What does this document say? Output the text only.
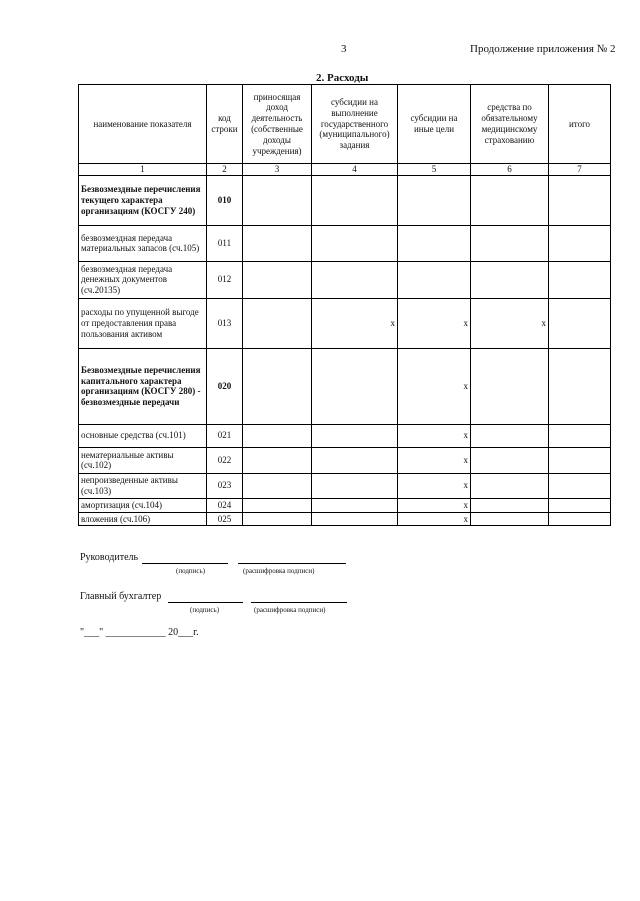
3	Продолжение приложения № 2
2. Расходы
наименование показателя	код строки	приносящая доход деятельность (собственные доходы учреждения)	субсидии на выполнение государственного (муниципального) задания	субсидии на иные цели	средства по обязательному медицинскому страхованию	итого
1	2	3	4	5	6	7
Безвозмездные перечисления текущего характера организациям (КОСГУ 240)	010					
безвозмездная передача материальных запасов (сч.105)	011					
безвозмездная передача денежных документов (сч.20135)	012					
расходы по упущенной выгоде от предоставления права пользования активом	013		x	x	x	
Безвозмездные перечисления капитального характера организациям (КОСГУ 280) - безвозмездные передачи	020			x		
основные средства (сч.101)	021			x		
нематериальные активы (сч.102)	022			x		
непроизведенные активы (сч.103)	023			x		
амортизация (сч.104)	024			x		
вложения (сч.106)	025			x		
Руководитель
(подпись)	(расшифровка подписи)
Главный бухгалтер
(подпись)	(расшифровка подписи)
"___" ____________ 20___г.
